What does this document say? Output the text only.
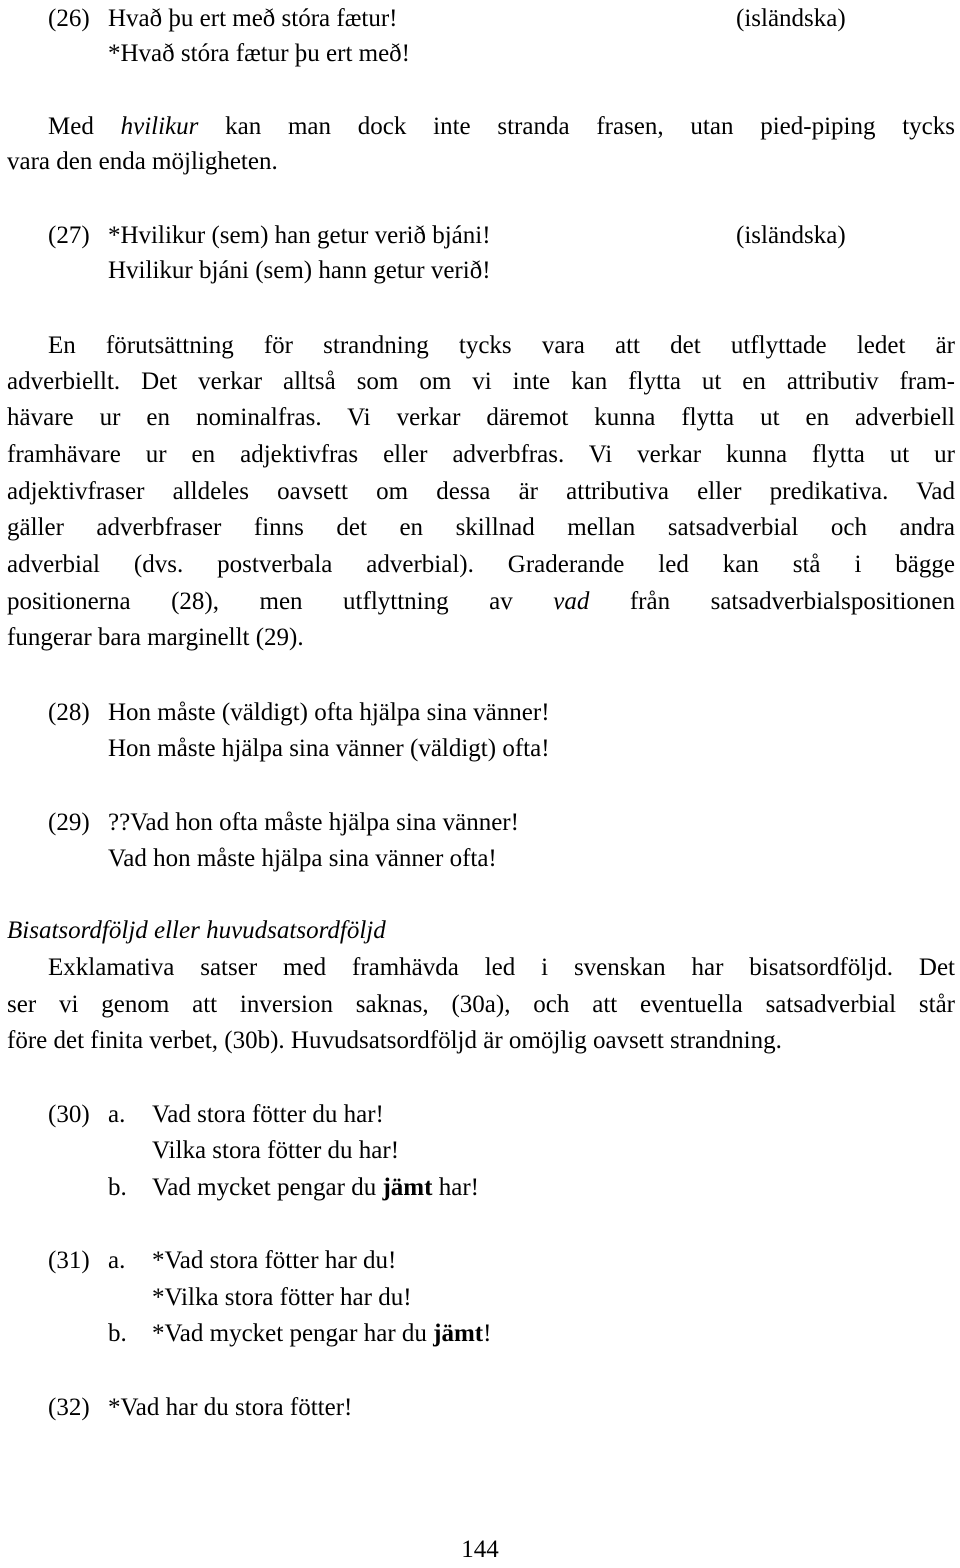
(26) Hvað þu ert með stóra fætur!	(isländska)
*Hvað stóra fætur þu ert með!
Med hvilikur kan man dock inte stranda frasen, utan pied-piping tycks
vara den enda möjligheten.
(27) *Hvilikur (sem) han getur verið bjáni!	(isländska)
Hvilikur bjáni (sem) hann getur verið!
En förutsättning för strandning tycks vara att det utflyttade ledet är
adverbiellt. Det verkar alltså som om vi inte kan flytta ut en attributiv fram-
hävare ur en nominalfras. Vi verkar däremot kunna flytta ut en adverbiell
framhävare ur en adjektivfras eller adverbfras. Vi verkar kunna flytta ut ur
adjektivfraser alldeles oavsett om dessa är attributiva eller predikativa. Vad
gäller adverbfraser finns det en skillnad mellan satsadverbial och andra
adverbial (dvs. postverbala adverbial). Graderande led kan stå i bägge
positionerna (28), men utflyttning av vad från satsadverbialspositionen
fungerar bara marginellt (29).
(28) Hon måste (väldigt) ofta hjälpa sina vänner!
Hon måste hjälpa sina vänner (väldigt) ofta!
(29) ??Vad hon ofta måste hjälpa sina vänner!
Vad hon måste hjälpa sina vänner ofta!
Bisatsordföljd eller huvudsatsordföljd
Exklamativa satser med framhävda led i svenskan har bisatsordföljd. Det
ser vi genom att inversion saknas, (30a), och att eventuella satsadverbial står
före det finita verbet, (30b). Huvudsatsordföljd är omöjlig oavsett strandning.
(30) a. Vad stora fötter du har!
Vilka stora fötter du har!
b. Vad mycket pengar du jämt har!
(31) a. *Vad stora fötter har du!
*Vilka stora fötter har du!
b. *Vad mycket pengar har du jämt!
(32) *Vad har du stora fötter!
144
